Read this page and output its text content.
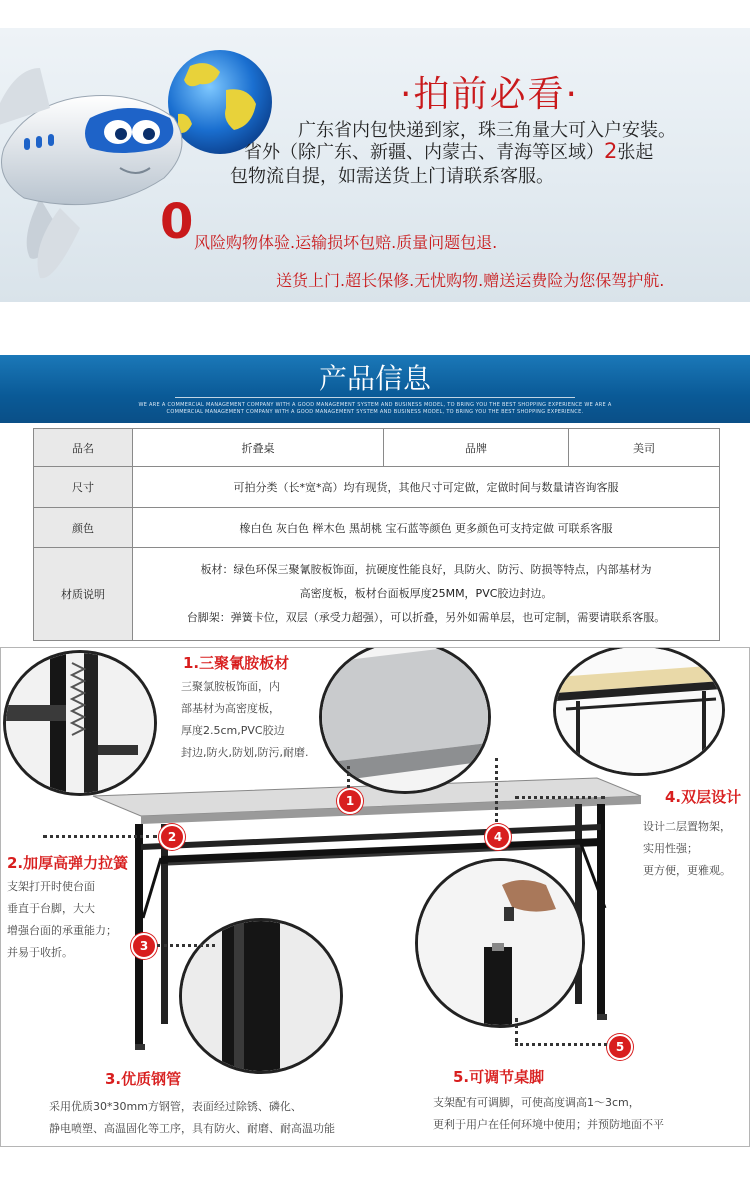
·拍前必看·
广东省内包快递到家，珠三角量大可入户安装。
省外（除广东、新疆、内蒙古、青海等区域）2张起
包物流自提，如需送货上门请联系客服。
0 风险购物体验.运输损坏包赔.质量问题包退.
送货上门.超长保修.无忧购物.赠送运费险为您保驾护航.
产品信息
WE ARE A COMMERCIAL MANAGEMENT COMPANY WITH A GOOD MANAGEMENT SYSTEM AND BUSINESS MODEL, TO BRING YOU THE BEST SHOPPING EXPERIENCE WE ARE A
COMMERCIAL MANAGEMENT COMPANY WITH A GOOD MANAGEMENT SYSTEM AND BUSINESS MODEL, TO BRING YOU THE BEST SHOPPING EXPERIENCE.
品名	折叠桌	品牌	美司
尺寸	可拍分类（长*宽*高）均有现货，其他尺寸可定做，定做时间与数量请咨询客服		
颜色	橡白色 灰白色 榉木色 黑胡桃 宝石蓝等颜色 更多颜色可支持定做 可联系客服		
材质说明	板材：绿色环保三聚氰胺板饰面，抗硬度性能良好，具防火、防污、防损等特点，内部基材为
高密度板，板材台面板厚度25MM，PVC胶边封边。
台脚架：弹簧卡位，双层（承受力超强），可以折叠，另外如需单层，也可定制，需要请联系客服。		
1
2
3
4
5
1.三聚氰胺板材
三聚氯胺板饰面，内
部基材为高密度板，
厚度2.5cm,PVC胶边
封边,防火,防划,防污,耐磨.
2.加厚高弹力拉簧
支架打开时使台面
垂直于台脚，大大
增强台面的承重能力；
并易于收折。
3.优质钢管
采用优质30*30mm方钢管，表面经过除锈、磷化、
静电喷塑、高温固化等工序，具有防火、耐磨、耐高温功能
4.双层设计
设计二层置物架，
实用性强；
更方便，更雅观。
5.可调节桌脚
支架配有可调脚，可使高度调高1～3cm，
更利于用户在任何环境中使用；并预防地面不平
